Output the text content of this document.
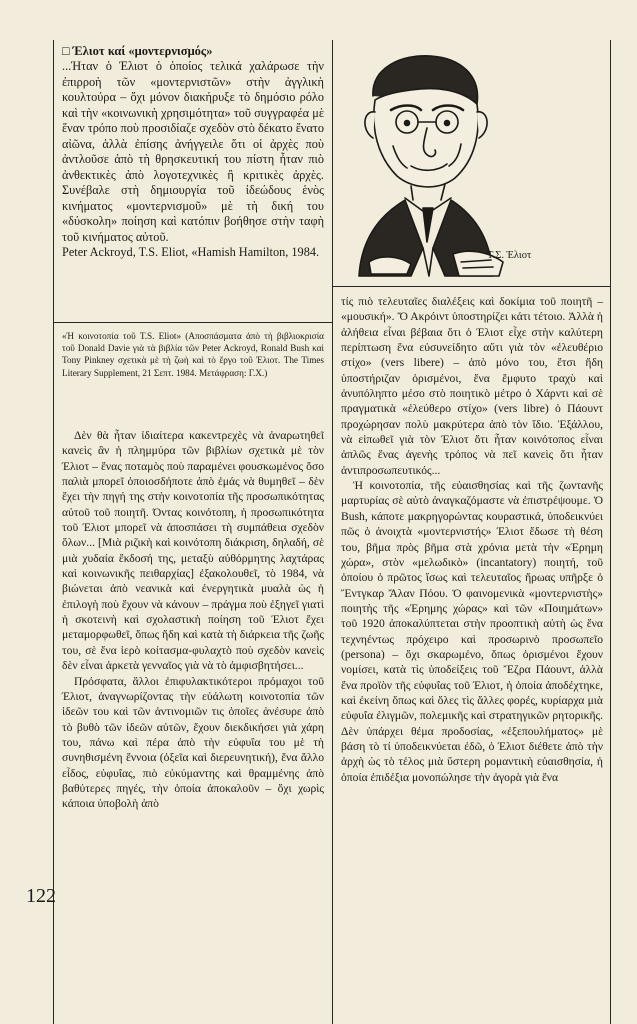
122

□ Έλιοτ καί «μοντερνισμός»

...Ήταν ὁ Έλιοτ ὁ ὁποίος τελικά χαλάρωσε τὴν ἐπιρροὴ τῶν «μοντερνιστῶν» στὴν ἀγγλικὴ κουλτούρα – ὄχι μόνον διακήρυξε τὸ δημόσιο ρόλο καὶ τὴν «κοινωνικὴ χρησιμότητα» τοῦ συγγραφέα μὲ ἕναν τρόπο ποὺ προσιδίαζε σχεδὸν στὸ δέκατο ἔνατο αἰῶνα, ἀλλὰ ἐπίσης ἀνήγγειλε ὅτι οἱ ἀρχὲς ποὺ ἀντλοῦσε ἀπὸ τὴ θρησκευτική του πίστη ἦταν πιὸ ἀνθεκτικὲς ἀπὸ λογοτεχνικὲς ἢ κριτικὲς ἀρχὲς. Συνέβαλε στὴ δημιουργία τοῦ ἰδεώδους ἑνὸς κινήματος «μοντερνισμοῦ» μὲ τὴ δική του «δύσκολη» ποίηση καὶ κατόπιν βοήθησε στὴν ταφὴ τοῦ κινήματος αὐτοῦ.

Peter Ackroyd, T.S. Eliot, «Hamish Hamilton, 1984.

«Ή κοινοτοπία τοῦ T.S. Eliot» (Αποσπάσματα ἀπὸ τὴ βιβλιοκρισία τοῦ Donald Davie γιὰ τὰ βιβλία τῶν Peter Ackroyd, Ronald Bush καὶ Tony Pinkney σχετικὰ μὲ τὴ ζωὴ καὶ τὸ ἔργο τοῦ Έλιοτ. The Times Literary Supplement, 21 Σεπτ. 1984. Μετάφραση: Γ.Χ.)

Δὲν θὰ ἦταν ἰδιαίτερα κακεντρεχὲς νὰ ἀναρωτηθεῖ κανεὶς ἂν ἡ πλημμύρα τῶν βιβλίων σχετικὰ μὲ τὸν Έλιοτ – ἕνας ποταμὸς ποὺ παραμένει φουσκωμένος ὅσο παλιὰ μπορεῖ ὁποιοσδήποτε ἀπὸ ἐμάς νὰ θυμηθεῖ – δὲν ἔχει τὴν πηγή της στὴν κοινοτοπία τῆς προσωπικότητας αὐτοῦ τοῦ ποιητῆ. Όντας κοινότοπη, ἡ προσωπικότητα τοῦ Έλιοτ μπορεῖ νὰ ἀποσπάσει τὴ συμπάθεια σχεδὸν ὅλων... [Μιὰ ριζικὴ καὶ κοινότοπη διάκριση, δηλαδή, σὲ μιὰ χυδαία ἔκδοσή της, μεταξὺ αὐθόρμητης λαχτάρας καὶ κοινωνικῆς πειθαρχίας] ἐξακολουθεῖ, τὸ 1984, νὰ βιώνεται ἀπὸ νεανικὰ καὶ ἐνεργητικὰ μυαλὰ ὡς ἡ ἐπιλογὴ ποὺ ἔχουν νὰ κάνουν – πράγμα ποὺ ἐξηγεῖ γιατὶ ἡ σκοτεινὴ καὶ σχολαστικὴ ποίηση τοῦ Έλιοτ ἔχει μεταμορφωθεῖ, ὅπως ἤδη καὶ κατὰ τὴ διάρκεια τῆς ζωῆς του, σὲ ἕνα ἱερὸ κοίτασμα-φυλαχτὸ ποὺ σχεδὸν κανεὶς δὲν εἶναι ἀρκετὰ γενναῖος γιὰ νὰ τὸ ἀμφισβητήσει...

Πρόσφατα, ἄλλοι ἐπιφυλακτικότεροι πρόμαχοι τοῦ Έλιοτ, ἀναγνωρίζοντας τὴν εὐάλωτη κοινοτοπία τῶν ἰδεῶν του καὶ τῶν ἀντινομιῶν τις ὁποῖες ἀνέσυρε ἀπὸ τὸ βυθὸ τῶν ἰδεῶν αὐτῶν, ἔχουν διεκδικήσει γιὰ χάρη του, πάνω καὶ πέρα ἀπὸ τὴν εὐφυΐα του μὲ τὴ συνηθισμένη ἔννοια (ὀξεῖα καὶ διερευνητική), ἕνα ἄλλο εἶδος, εὐφυΐας, πιὸ εὐκύμαντης καὶ θραμμένης ἀπὸ βαθύτερες πηγές, τὴν ὁποία ἀποκαλοῦν – ὄχι χωρὶς κάποια ὑποβολὴ ἀπὸ

Τ.Σ. Έλιοτ

τίς πιὸ τελευταῖες διαλέξεις καὶ δοκίμια τοῦ ποιητῆ – «μουσική». Ὄ Ακρόιντ ὑποστηρίζει κάτι τέτοιο. Ἀλλὰ ἡ ἀλήθεια εἶναι βέβαια ὅτι ὁ Έλιοτ εἶχε στὴν καλύτερη περίπτωση ἕνα εὐσυνείδητο αὔτι γιὰ τὸν «ἐλευθέριο στίχο» (vers libere) – ἀπὸ μόνο του, ἔτσι ἥδη ὑποστήριζαν ὁρισμένοι, ἕνα ἔμφυτο τραχὺ καὶ ἀνυπόληπτο μέσο στὸ ποιητικὸ μέτρο ὁ Χάρντι καὶ σὲ πραγματικὰ «ἐλεύθερο στίχο» (vers libre) ὁ Πάουντ προχώρησαν πολὺ μακρύτερα ἀπὸ τὸν ἴδιο. Ἐξάλλου, νὰ εἰπωθεῖ γιὰ τὸν Έλιοτ ὅτι ἦταν κοινότοπος εἶναι ἁπλῶς ἕνας ἀγενὴς τρόπος νὰ πεῖ κανεὶς ὅτι ἦταν ἀντιπροσωπευτικός...

Ἡ κοινοτοπία, τῆς εὐαισθησίας καὶ τῆς ζωντανῆς μαρτυρίας σὲ αὐτὸ ἀναγκαζόμαστε νὰ ἐπιστρέψουμε. Ὁ Bush, κάποτε μακρηγορώντας κουραστικά, ὑποδεικνύει πῶς ὁ ἀνοιχτὰ «μοντερνιστής» Έλιοτ ἔδωσε τὴ θέση του, βῆμα πρὸς βῆμα στὰ χρόνια μετὰ τὴν «Έρημη χώρα», στὸν «μελωδικὸ» (incantatory) ποιητή, τοῦ ὁποίου ὁ πρῶτος ἴσως καὶ τελευταῖος ἥρωας υπῆρξε ὁ Ἔντγκαρ Ἄλαν Πόου. Ὁ φαινομενικὰ «μοντερνιστὴς» ποιητὴς τῆς «Έρημης χώρας» καὶ τῶν «Ποιημάτων» τοῦ 1920 ἀποκαλύπτεται στὴν προοπτικὴ αὐτὴ ὡς ἕνα τεχνηέντως πρόχειρο καὶ προσωρινὸ προσωπεῖο (persona) – ὄχι σκαρωμένο, ὅπως ὁρισμένοι ἔχουν νομίσει, κατὰ τὶς ὑποδείξεις τοῦ Ἔζρα Πάουντ, ἀλλὰ ἕνα προϊὸν τῆς εὐφυΐας τοῦ Έλιοτ, ἡ ὁποία ἀποδέχτηκε, καὶ ἐκείνη ὅπως καὶ ὅλες τὶς ἄλλες φορές, κυρίαρχα μιὰ εὐφυΐα ἐλιγμῶν, πολεμικῆς καὶ στρατηγικῶν ρητορικῆς. Δὲν ὑπάρχει θέμα προδοσίας, «ἐξεπουλήματος» μὲ βάση τὸ τί ὑποδεικνύεται ἐδῶ, ὁ Έλιοτ διέθετε ἀπὸ τὴν ἀρχὴ ὡς τὸ τέλος μιὰ ὕστερη ρομαντικὴ εὐαισθησία, ἡ ὁποία ἐπιδέξια μονοπώλησε τὴν ἀγορὰ γιὰ ἕνα
